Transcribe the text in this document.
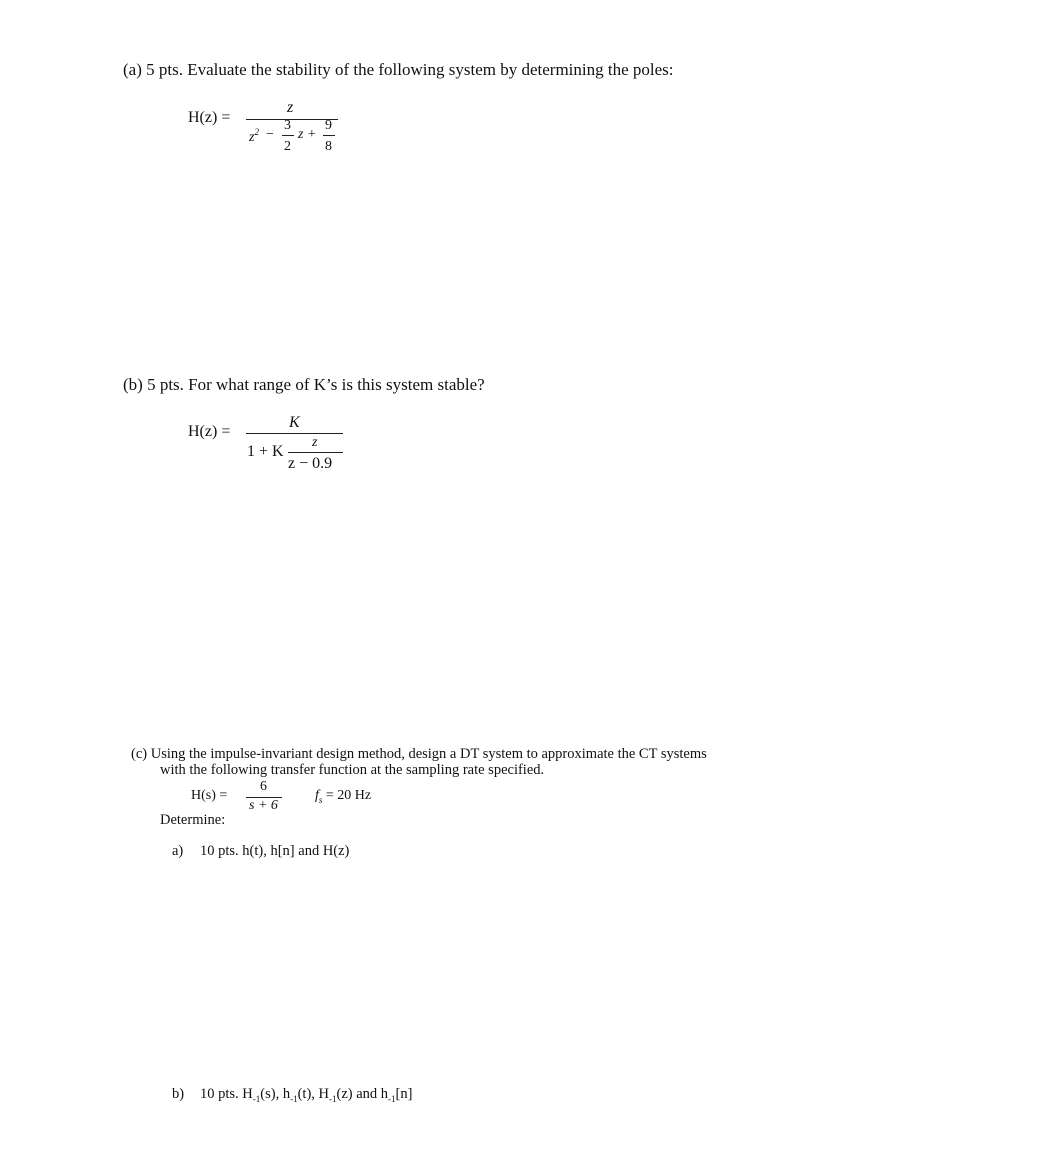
(a) 5 pts. Evaluate the stability of the following system by determining the poles:
H(z) =
z
$z^2$ −
3
2
z +
9
8
(b) 5 pts. For what range of K’s is this system stable?
H(z) =
K
1 + K
z
z − 0.9
(c) Using the impulse-invariant design method, design a DT system to approximate the CT systems
with the following transfer function at the sampling rate specified.
H(s) =
6
s + 6
$f_s = 20$ Hz
Determine:
a) 10 pts. h(t), h[n] and H(z)
b) 10 pts. $H_{-1}(s)$, $h_{-1}(t)$, $H_{-1}(z)$ and $h_{-1}[n]$
